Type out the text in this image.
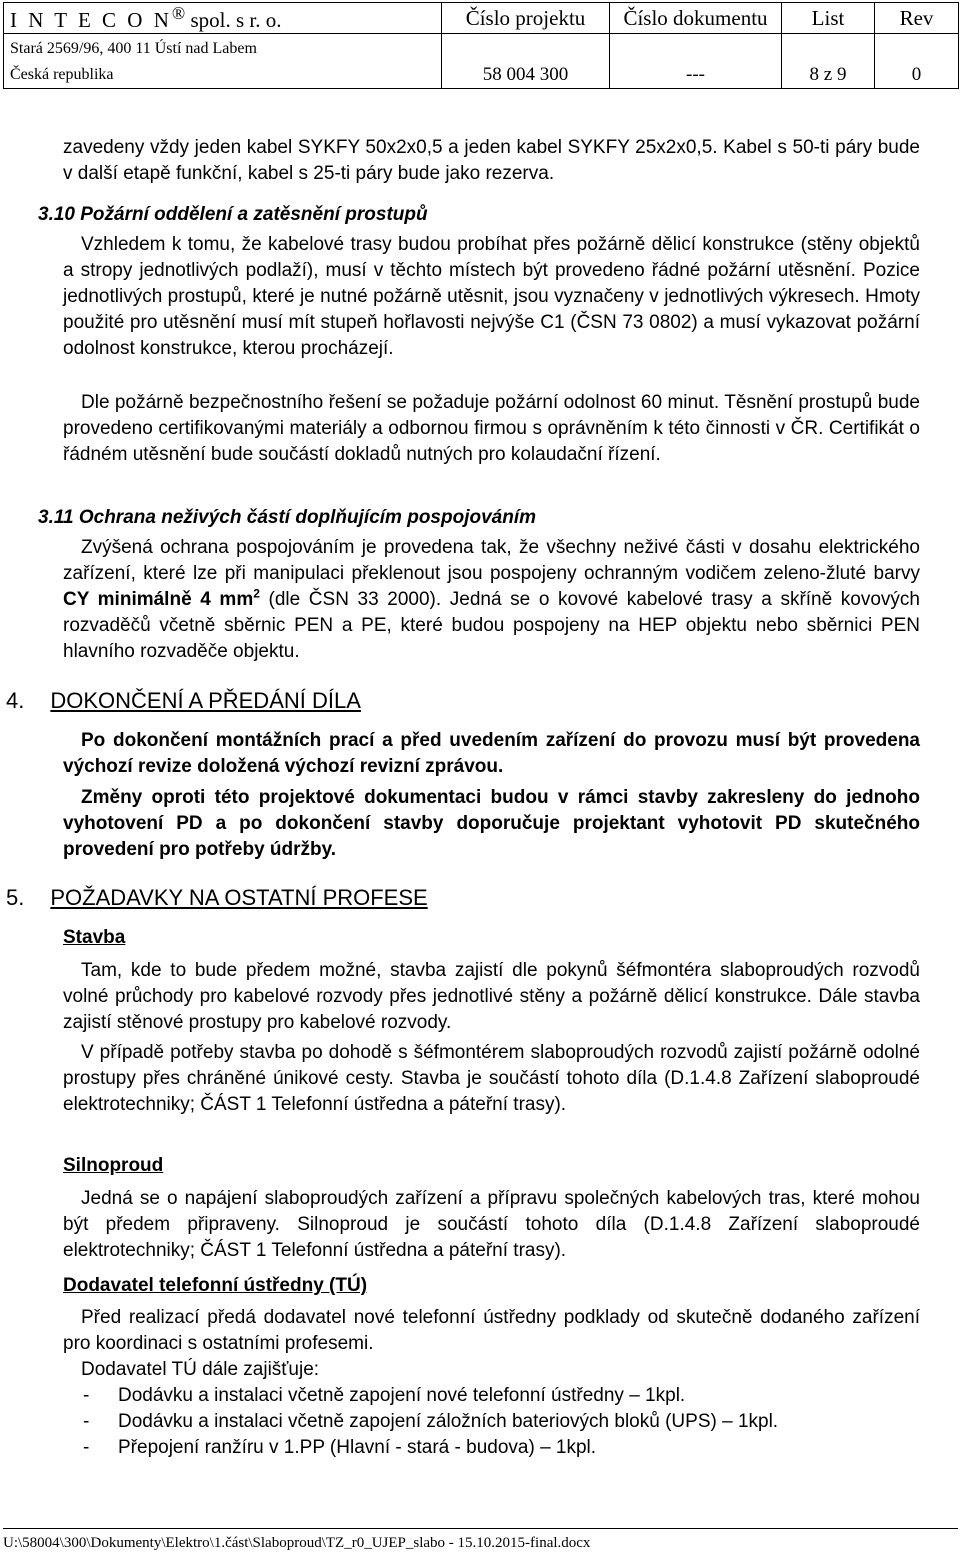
I N T E C O N® spol. s r. o.	Číslo projektu	Číslo dokumentu	List	Rev
Stará 2569/96, 400 11 Ústí nad Labem				
Česká republika	58 004 300	---	8 z 9	0
zavedeny vždy jeden kabel SYKFY 50x2x0,5 a jeden kabel SYKFY 25x2x0,5. Kabel s 50-ti páry bude v další etapě funkční, kabel s 25-ti páry bude jako rezerva.
3.10 Požární oddělení a zatěsnění prostupů
Vzhledem k tomu, že kabelové trasy budou probíhat přes požárně dělicí konstrukce (stěny objektů a stropy jednotlivých podlaží), musí v těchto místech být provedeno řádné požární utěsnění. Pozice jednotlivých prostupů, které je nutné požárně utěsnit, jsou vyznačeny v jednotlivých výkresech. Hmoty použité pro utěsnění musí mít stupeň hořlavosti nejvýše C1 (ČSN 73 0802) a musí vykazovat požární odolnost konstrukce, kterou procházejí.
Dle požárně bezpečnostního řešení se požaduje požární odolnost 60 minut. Těsnění prostupů bude provedeno certifikovanými materiály a odbornou firmou s oprávněním k této činnosti v ČR. Certifikát o řádném utěsnění bude součástí dokladů nutných pro kolaudační řízení.
3.11 Ochrana neživých částí doplňujícím pospojováním
Zvýšená ochrana pospojováním je provedena tak, že všechny neživé části v dosahu elektrického zařízení, které lze při manipulaci překlenout jsou pospojeny ochranným vodičem zeleno-žluté barvy CY minimálně 4 $mm^2$ (dle ČSN 33 2000). Jedná se o kovové kabelové trasy a skříně kovových rozvaděčů včetně sběrnic PEN a PE, které budou pospojeny na HEP objektu nebo sběrnici PEN hlavního rozvaděče objektu.
4. DOKONČENÍ A PŘEDÁNÍ DÍLA
Po dokončení montážních prací a před uvedením zařízení do provozu musí být provedena výchozí revize doložená výchozí revizní zprávou.
Změny oproti této projektové dokumentaci budou v rámci stavby zakresleny do jednoho vyhotovení PD a po dokončení stavby doporučuje projektant vyhotovit PD skutečného provedení pro potřeby údržby.
5. POŽADAVKY NA OSTATNÍ PROFESE
Stavba
Tam, kde to bude předem možné, stavba zajistí dle pokynů šéfmontéra slaboproudých rozvodů volné průchody pro kabelové rozvody přes jednotlivé stěny a požárně dělicí konstrukce. Dále stavba zajistí stěnové prostupy pro kabelové rozvody.
V případě potřeby stavba po dohodě s šéfmontérem slaboproudých rozvodů zajistí požárně odolné prostupy přes chráněné únikové cesty. Stavba je součástí tohoto díla (D.1.4.8 Zařízení slaboproudé elektrotechniky; ČÁST 1 Telefonní ústředna a páteřní trasy).
Silnoproud
Jedná se o napájení slaboproudých zařízení a přípravu společných kabelových tras, které mohou být předem připraveny. Silnoproud je součástí tohoto díla (D.1.4.8 Zařízení slaboproudé elektrotechniky; ČÁST 1 Telefonní ústředna a páteřní trasy).
Dodavatel telefonní ústředny (TÚ)
Před realizací předá dodavatel nové telefonní ústředny podklady od skutečně dodaného zařízení pro koordinaci s ostatními profesemi.
Dodavatel TÚ dále zajišťuje:
- Dodávku a instalaci včetně zapojení nové telefonní ústředny – 1kpl.
- Dodávku a instalaci včetně zapojení záložních bateriových bloků (UPS) – 1kpl.
- Přepojení ranžíru v 1.PP (Hlavní - stará - budova) – 1kpl.
U:\58004\300\Dokumenty\Elektro\1.část\Slaboproud\TZ_r0_UJEP_slabo - 15.10.2015-final.docx
